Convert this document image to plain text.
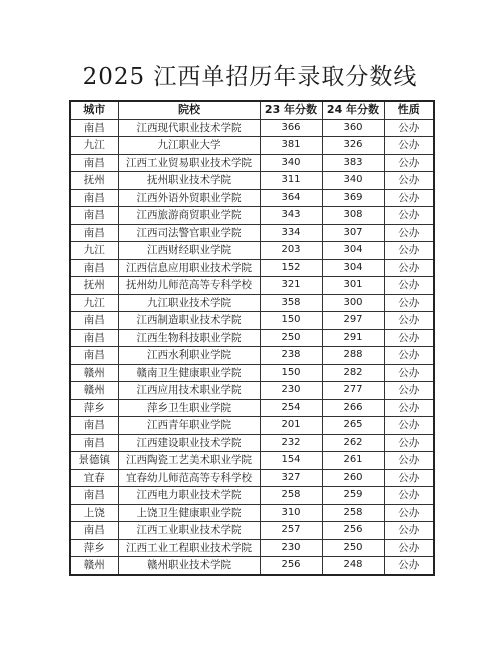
2025 江西单招历年录取分数线
城市	院校	23 年分数	24 年分数	性质
南昌	江西现代职业技术学院	366	360	公办
九江	九江职业大学	381	326	公办
南昌	江西工业贸易职业技术学院	340	383	公办
抚州	抚州职业技术学院	311	340	公办
南昌	江西外语外贸职业学院	364	369	公办
南昌	江西旅游商贸职业学院	343	308	公办
南昌	江西司法警官职业学院	334	307	公办
九江	江西财经职业学院	203	304	公办
南昌	江西信息应用职业技术学院	152	304	公办
抚州	抚州幼儿师范高等专科学校	321	301	公办
九江	九江职业技术学院	358	300	公办
南昌	江西制造职业技术学院	150	297	公办
南昌	江西生物科技职业学院	250	291	公办
南昌	江西水利职业学院	238	288	公办
赣州	赣南卫生健康职业学院	150	282	公办
赣州	江西应用技术职业学院	230	277	公办
萍乡	萍乡卫生职业学院	254	266	公办
南昌	江西青年职业学院	201	265	公办
南昌	江西建设职业技术学院	232	262	公办
景德镇	江西陶瓷工艺美术职业学院	154	261	公办
宜春	宜春幼儿师范高等专科学校	327	260	公办
南昌	江西电力职业技术学院	258	259	公办
上饶	上饶卫生健康职业学院	310	258	公办
南昌	江西工业职业技术学院	257	256	公办
萍乡	江西工业工程职业技术学院	230	250	公办
赣州	赣州职业技术学院	256	248	公办
